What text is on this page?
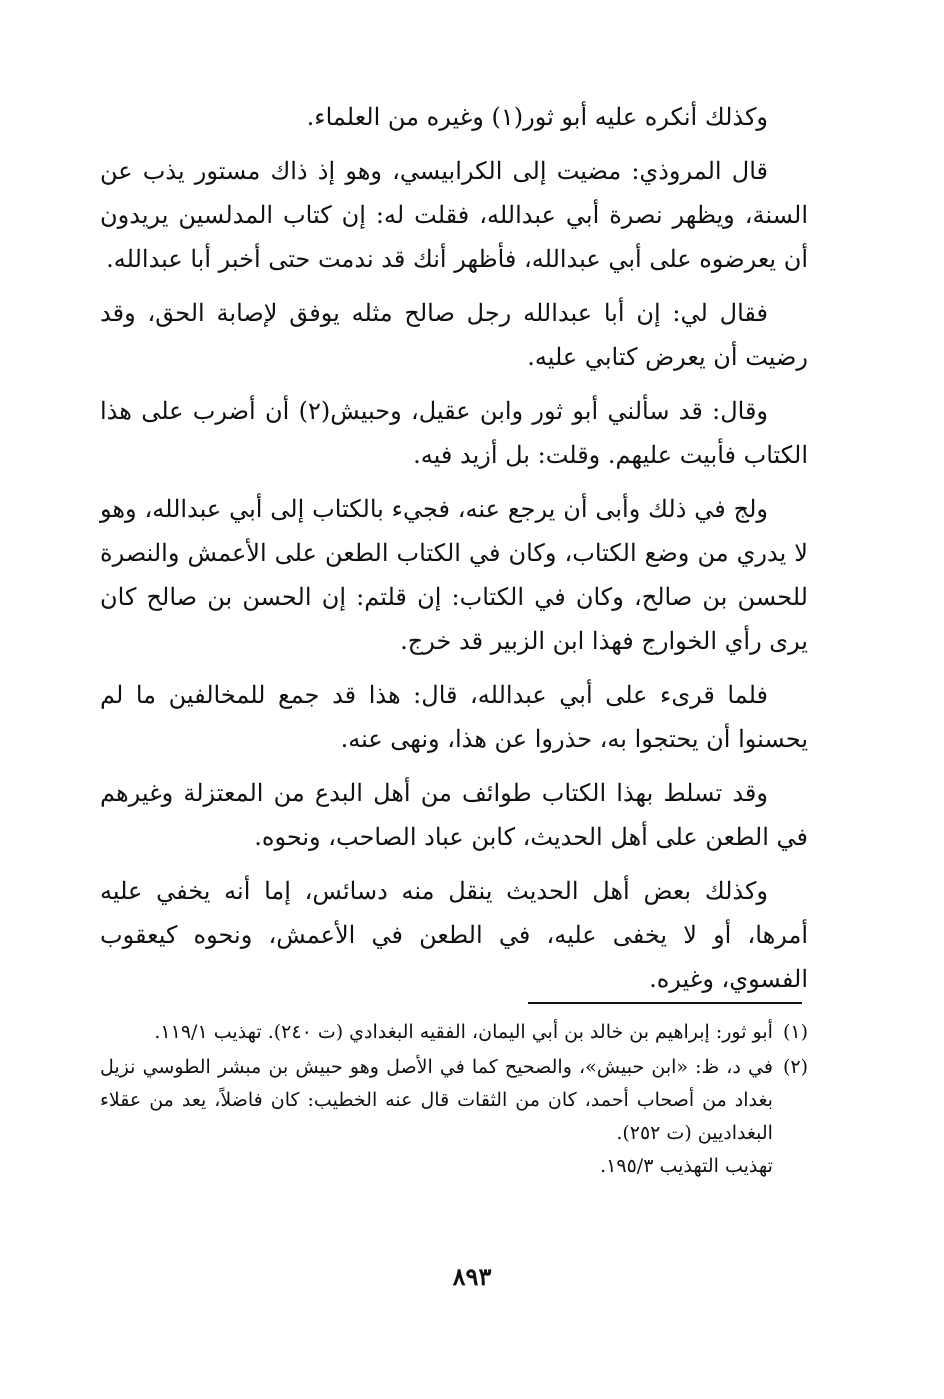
وكذلك أنكره عليه أبو ثور(١) وغيره من العلماء.

قال المروذي: مضيت إلى الكرابيسي، وهو إذ ذاك مستور يذب عن السنة، ويظهر نصرة أبي عبدالله، فقلت له: إن كتاب المدلسين يريدون أن يعرضوه على أبي عبدالله، فأظهر أنك قد ندمت حتى أخبر أبا عبدالله.

فقال لي: إن أبا عبدالله رجل صالح مثله يوفق لإصابة الحق، وقد رضيت أن يعرض كتابي عليه.

وقال: قد سألني أبو ثور وابن عقيل، وحبيش(٢) أن أضرب على هذا الكتاب فأبيت عليهم. وقلت: بل أزيد فيه.

ولج في ذلك وأبى أن يرجع عنه، فجيء بالكتاب إلى أبي عبدالله، وهو لا يدري من وضع الكتاب، وكان في الكتاب الطعن على الأعمش والنصرة للحسن بن صالح، وكان في الكتاب: إن قلتم: إن الحسن بن صالح كان يرى رأي الخوارج فهذا ابن الزبير قد خرج.

فلما قرىء على أبي عبدالله، قال: هذا قد جمع للمخالفين ما لم يحسنوا أن يحتجوا به، حذروا عن هذا، ونهى عنه.

وقد تسلط بهذا الكتاب طوائف من أهل البدع من المعتزلة وغيرهم في الطعن على أهل الحديث، كابن عباد الصاحب، ونحوه.

وكذلك بعض أهل الحديث ينقل منه دسائس، إما أنه يخفي عليه أمرها، أو لا يخفى عليه، في الطعن في الأعمش، ونحوه كيعقوب الفسوي، وغيره.

(١)
أبو ثور: إبراهيم بن خالد بن أبي اليمان، الفقيه البغدادي (ت ٢٤٠). تهذيب ١١٩/١.
(٢)
في د، ظ: «ابن حبيش»، والصحيح كما في الأصل وهو حبيش بن مبشر الطوسي نزيل بغداد من أصحاب أحمد، كان من الثقات قال عنه الخطيب: كان فاضلاً، يعد من عقلاء البغداديين (ت ٢٥٢).
تهذيب التهذيب ١٩٥/٣.
٨٩٣
